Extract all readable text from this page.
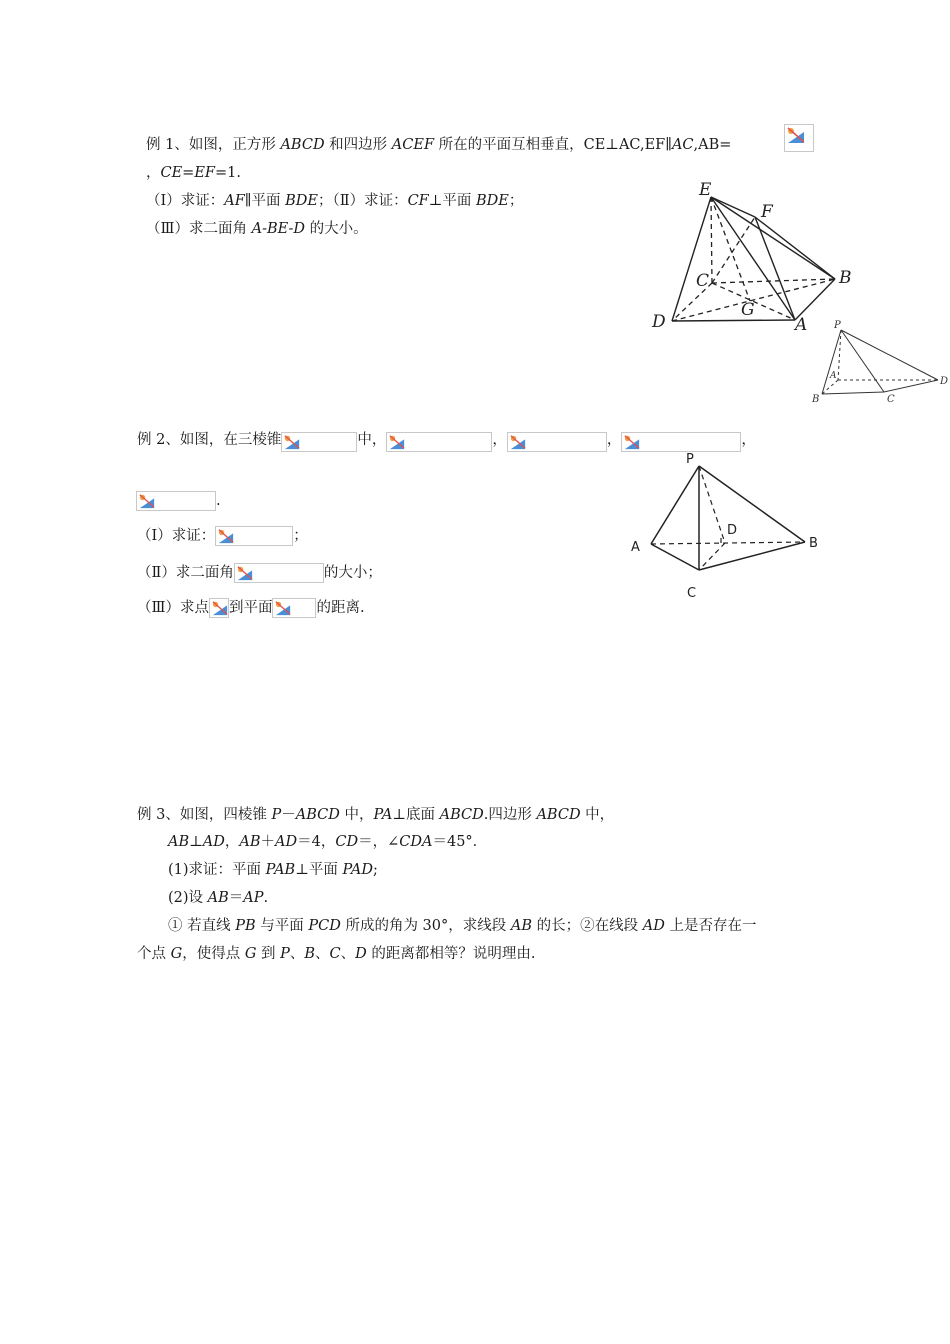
例 1、如图，正方形 ABCD 和四边形 ACEF 所在的平面互相垂直，CE⊥AC,EF∥AC,AB=
，CE=EF=1.
（Ⅰ）求证：AF∥平面 BDE；（Ⅱ）求证：CF⊥平面 BDE；
（Ⅲ）求二面角 A-BE-D 的大小。
E
F
C	B
G
D	A	P
A
B	C
D
例 2、如图，在三棱锥	中，	，	，	，
.
（Ⅰ）求证：	；
（Ⅱ）求二面角	的大小；
（Ⅲ）求点 到平面	的距离.
P
D
A	B
C
例 3、如图，四棱锥 P－ABCD 中，PA⊥底面 ABCD.四边形 ABCD 中，
AB⊥AD，AB＋AD＝4，CD＝，∠CDA＝45°．
(1)求证：平面 PAB⊥平面 PAD;
(2)设 AB＝AP.
① 若直线 PB 与平面 PCD 所成的角为 30°，求线段 AB 的长；②在线段 AD 上是否存在一
个点 G，使得点 G 到 P、B、C、D 的距离都相等？说明理由.
